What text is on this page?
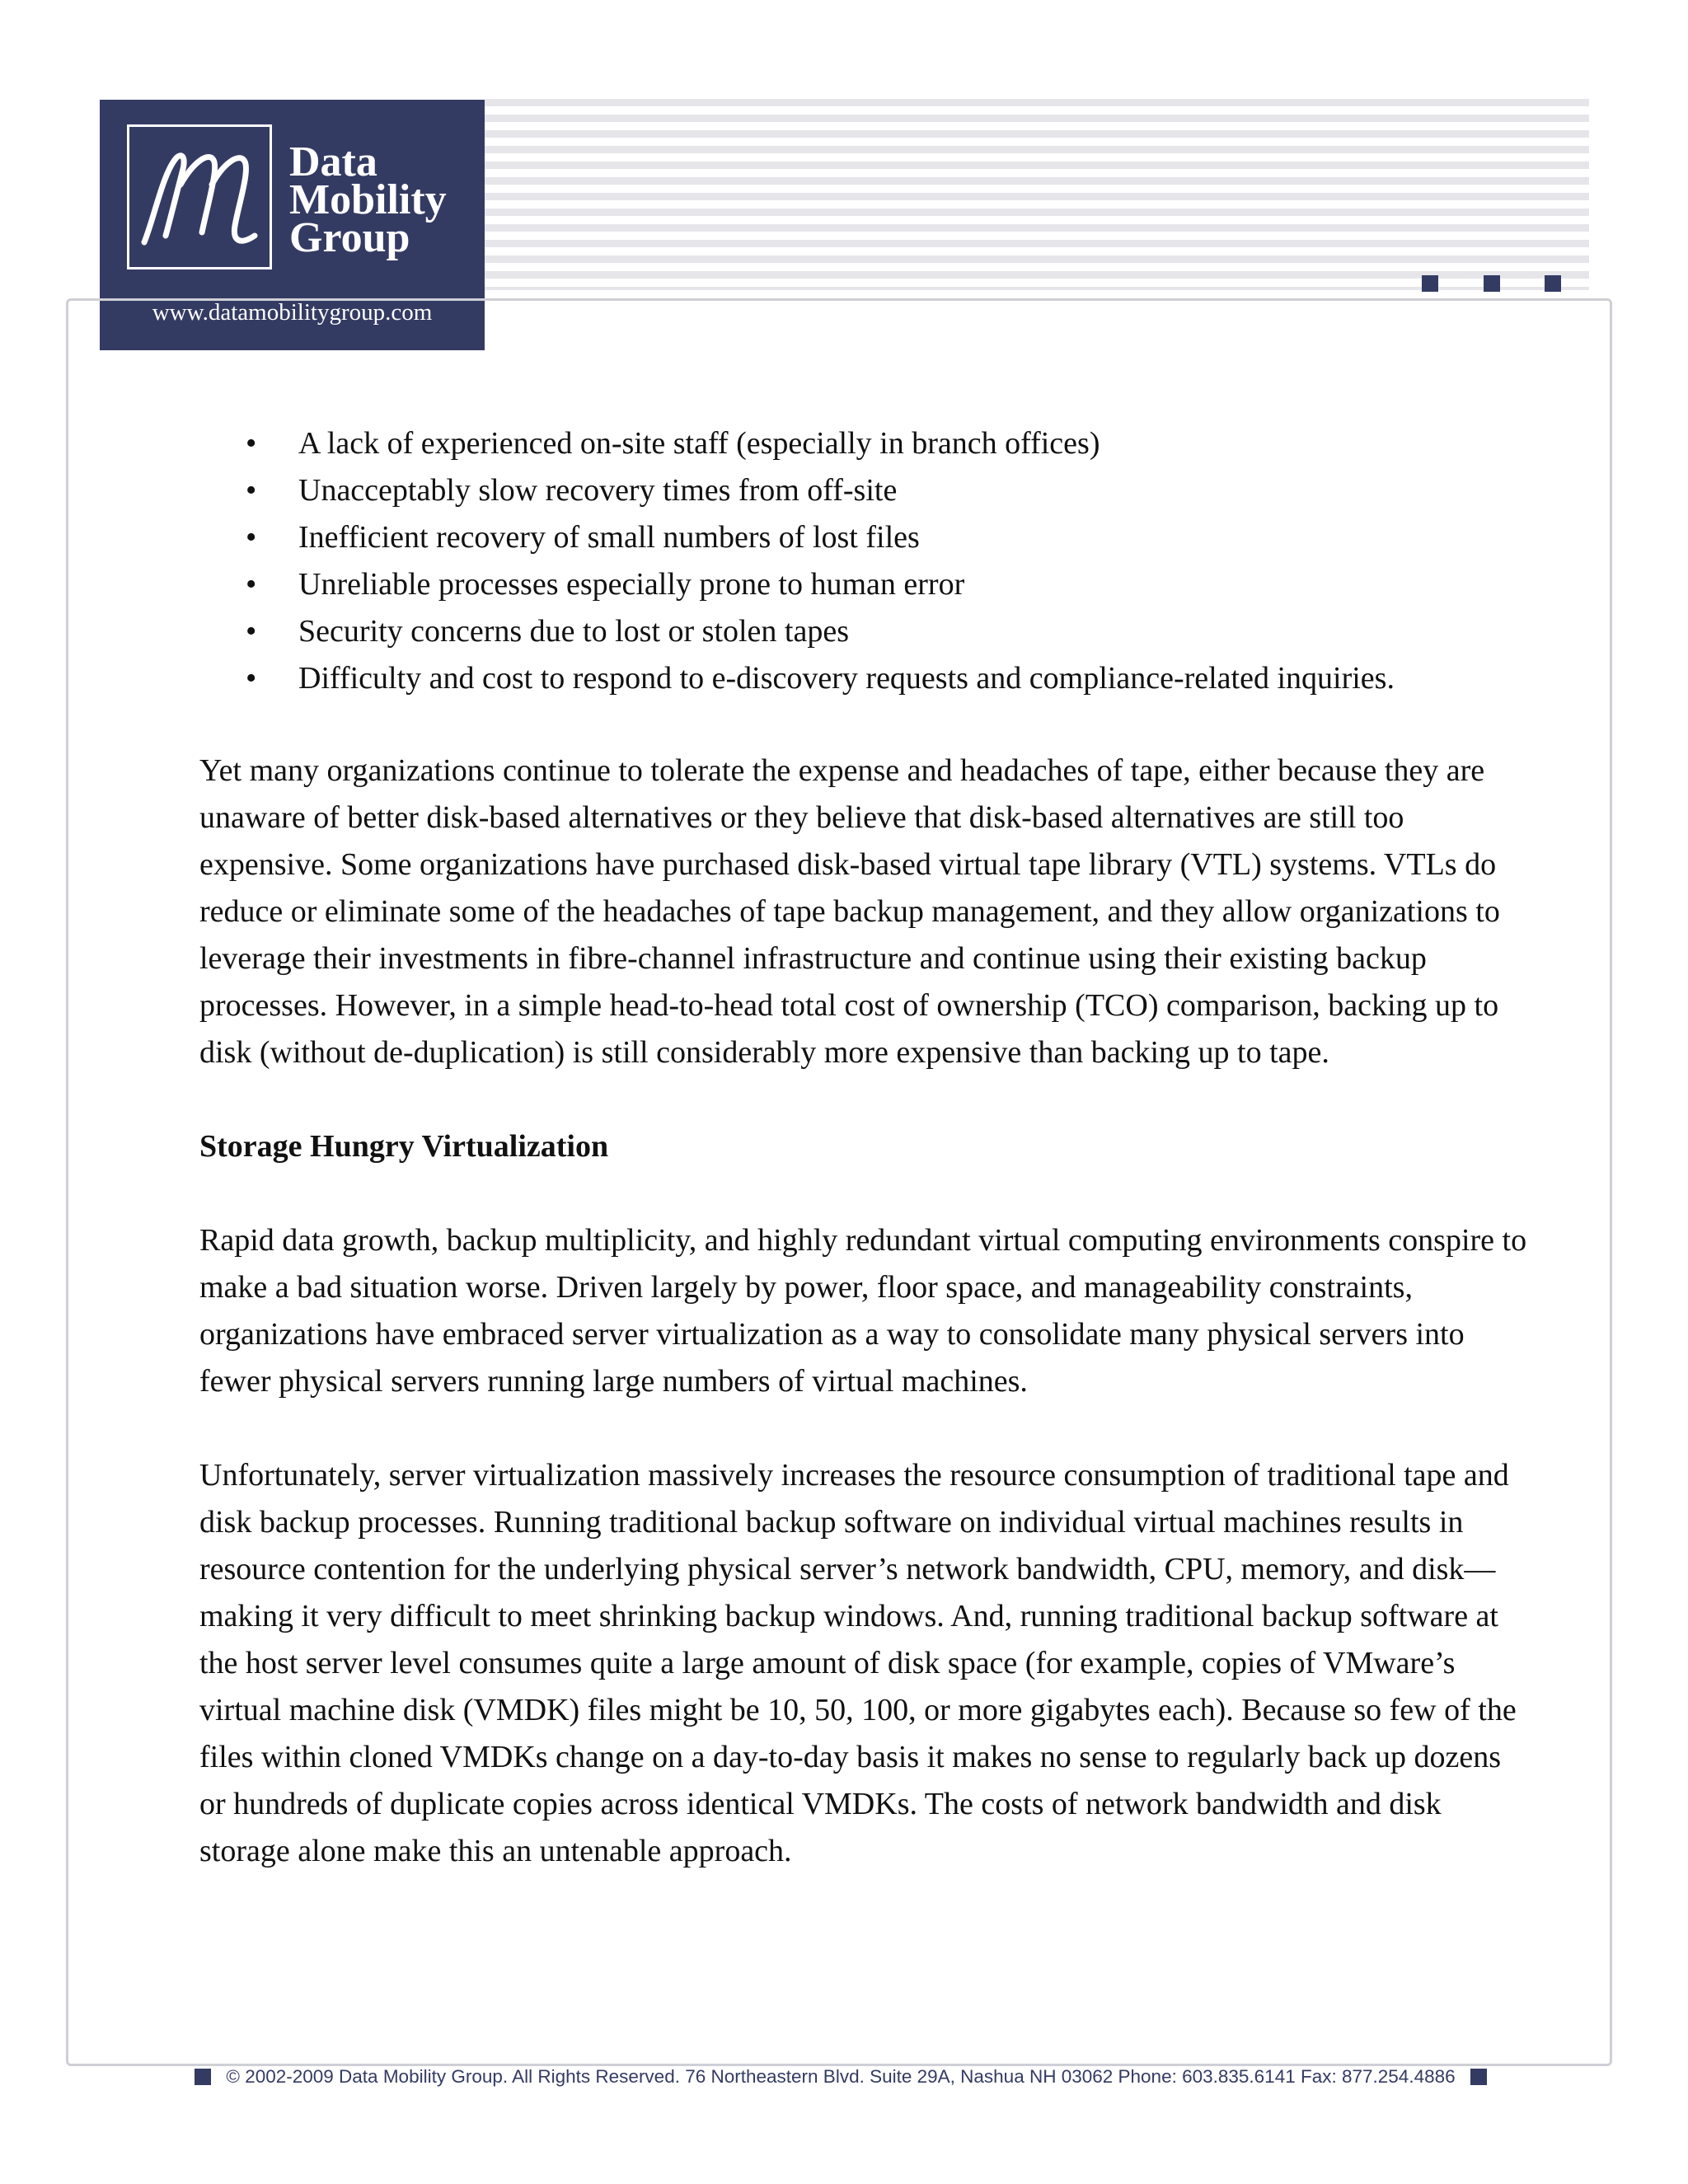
Data
Mobility
Group
www.datamobilitygroup.com
• A lack of experienced on-site staff (especially in branch offices)
• Unacceptably slow recovery times from off-site
• Inefficient recovery of small numbers of lost files
• Unreliable processes especially prone to human error
• Security concerns due to lost or stolen tapes
• Difficulty and cost to respond to e-discovery requests and compliance-related inquiries.

Yet many organizations continue to tolerate the expense and headaches of tape, either because they are unaware of better disk-based alternatives or they believe that disk-based alternatives are still too expensive. Some organizations have purchased disk-based virtual tape library (VTL) systems. VTLs do reduce or eliminate some of the headaches of tape backup management, and they allow organizations to leverage their investments in fibre-channel infrastructure and continue using their existing backup processes. However, in a simple head-to-head total cost of ownership (TCO) comparison, backing up to disk (without de-duplication) is still considerably more expensive than backing up to tape.

Storage Hungry Virtualization

Rapid data growth, backup multiplicity, and highly redundant virtual computing environments conspire to make a bad situation worse. Driven largely by power, floor space, and manageability constraints, organizations have embraced server virtualization as a way to consolidate many physical servers into fewer physical servers running large numbers of virtual machines.

Unfortunately, server virtualization massively increases the resource consumption of traditional tape and disk backup processes. Running traditional backup software on individual virtual machines results in resource contention for the underlying physical server’s network bandwidth, CPU, memory, and disk—making it very difficult to meet shrinking backup windows. And, running traditional backup software at the host server level consumes quite a large amount of disk space (for example, copies of VMware’s virtual machine disk (VMDK) files might be 10, 50, 100, or more gigabytes each). Because so few of the files within cloned VMDKs change on a day-to-day basis it makes no sense to regularly back up dozens or hundreds of duplicate copies across identical VMDKs. The costs of network bandwidth and disk storage alone make this an untenable approach.

© 2002-2009 Data Mobility Group. All Rights Reserved. 76 Northeastern Blvd. Suite 29A, Nashua NH 03062 Phone: 603.835.6141 Fax: 877.254.4886
